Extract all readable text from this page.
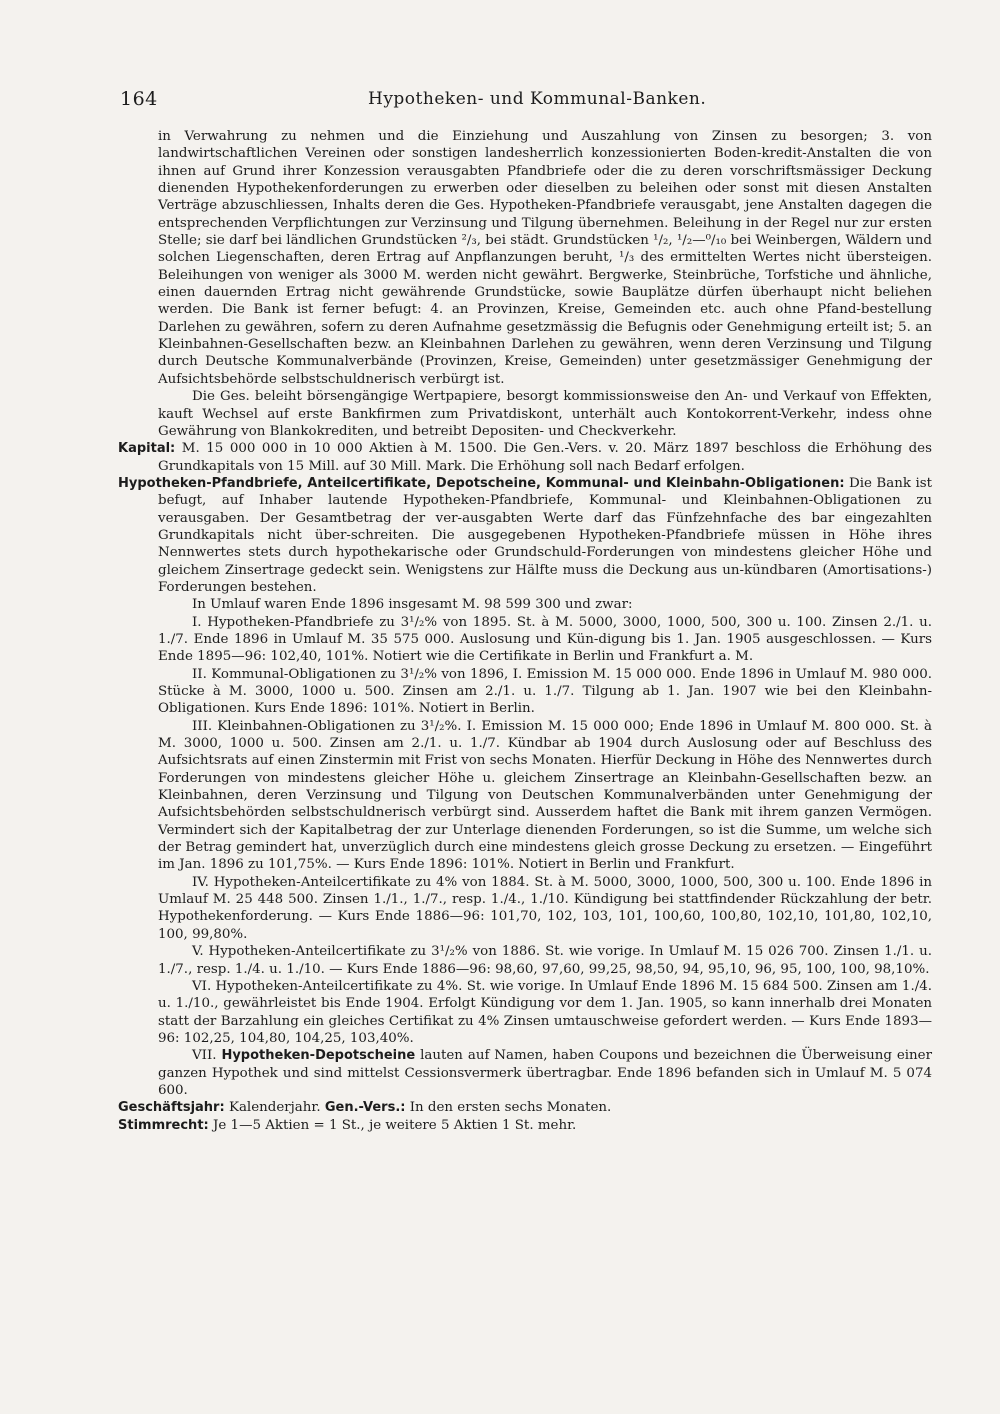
164	Hypotheken- und Kommunal-Banken.

in Verwahrung zu nehmen und die Einziehung und Auszahlung von Zinsen zu besorgen; 3. von landwirtschaftlichen Vereinen oder sonstigen landesherrlich konzessionierten Boden-kredit-Anstalten die von ihnen auf Grund ihrer Konzession verausgabten Pfandbriefe oder die zu deren vorschriftsmässiger Deckung dienenden Hypothekenforderungen zu erwerben oder dieselben zu beleihen oder sonst mit diesen Anstalten Verträge abzuschliessen, Inhalts deren die Ges. Hypotheken-Pfandbriefe verausgabt, jene Anstalten dagegen die entsprechenden Verpflichtungen zur Verzinsung und Tilgung übernehmen. Beleihung in der Regel nur zur ersten Stelle; sie darf bei ländlichen Grundstücken ²/₃, bei städt. Grundstücken ¹/₂, ¹/₂—⁰/₁₀ bei Weinbergen, Wäldern und solchen Liegenschaften, deren Ertrag auf Anpflanzungen beruht, ¹/₃ des ermittelten Wertes nicht übersteigen. Beleihungen von weniger als 3000 M. werden nicht gewährt. Bergwerke, Steinbrüche, Torfstiche und ähnliche, einen dauernden Ertrag nicht gewährende Grundstücke, sowie Bauplätze dürfen überhaupt nicht beliehen werden. Die Bank ist ferner befugt: 4. an Provinzen, Kreise, Gemeinden etc. auch ohne Pfand-bestellung Darlehen zu gewähren, sofern zu deren Aufnahme gesetzmässig die Befugnis oder Genehmigung erteilt ist; 5. an Kleinbahnen-Gesellschaften bezw. an Kleinbahnen Darlehen zu gewähren, wenn deren Verzinsung und Tilgung durch Deutsche Kommunalverbände (Provinzen, Kreise, Gemeinden) unter gesetzmässiger Genehmigung der Aufsichtsbehörde selbstschuldnerisch verbürgt ist.

Die Ges. beleiht börsengängige Wertpapiere, besorgt kommissionsweise den An- und Verkauf von Effekten, kauft Wechsel auf erste Bankfirmen zum Privatdiskont, unterhält auch Kontokorrent-Verkehr, indess ohne Gewährung von Blankokrediten, und betreibt Depositen- und Checkverkehr.

Kapital: M. 15 000 000 in 10 000 Aktien à M. 1500. Die Gen.-Vers. v. 20. März 1897 beschloss die Erhöhung des Grundkapitals von 15 Mill. auf 30 Mill. Mark. Die Erhöhung soll nach Bedarf erfolgen.

Hypotheken-Pfandbriefe, Anteilcertifikate, Depotscheine, Kommunal- und Kleinbahn-Obligationen: Die Bank ist befugt, auf Inhaber lautende Hypotheken-Pfandbriefe, Kommunal- und Kleinbahnen-Obligationen zu verausgaben. Der Gesamtbetrag der ver-ausgabten Werte darf das Fünfzehnfache des bar eingezahlten Grundkapitals nicht über-schreiten. Die ausgegebenen Hypotheken-Pfandbriefe müssen in Höhe ihres Nennwertes stets durch hypothekarische oder Grundschuld-Forderungen von mindestens gleicher Höhe und gleichem Zinsertrage gedeckt sein. Wenigstens zur Hälfte muss die Deckung aus un-kündbaren (Amortisations-) Forderungen bestehen.

In Umlauf waren Ende 1896 insgesamt M. 98 599 300 und zwar:

I. Hypotheken-Pfandbriefe zu 3¹/₂% von 1895. St. à M. 5000, 3000, 1000, 500, 300 u. 100. Zinsen 2./1. u. 1./7. Ende 1896 in Umlauf M. 35 575 000. Auslosung und Kün-digung bis 1. Jan. 1905 ausgeschlossen. — Kurs Ende 1895—96: 102,40, 101%. Notiert wie die Certifikate in Berlin und Frankfurt a. M.

II. Kommunal-Obligationen zu 3¹/₂% von 1896, I. Emission M. 15 000 000. Ende 1896 in Umlauf M. 980 000. Stücke à M. 3000, 1000 u. 500. Zinsen am 2./1. u. 1./7. Tilgung ab 1. Jan. 1907 wie bei den Kleinbahn-Obligationen. Kurs Ende 1896: 101%. Notiert in Berlin.

III. Kleinbahnen-Obligationen zu 3¹/₂%. I. Emission M. 15 000 000; Ende 1896 in Umlauf M. 800 000. St. à M. 3000, 1000 u. 500. Zinsen am 2./1. u. 1./7. Kündbar ab 1904 durch Auslosung oder auf Beschluss des Aufsichtsrats auf einen Zinstermin mit Frist von sechs Monaten. Hierfür Deckung in Höhe des Nennwertes durch Forderungen von mindestens gleicher Höhe u. gleichem Zinsertrage an Kleinbahn-Gesellschaften bezw. an Kleinbahnen, deren Verzinsung und Tilgung von Deutschen Kommunalverbänden unter Genehmigung der Aufsichtsbehörden selbstschuldnerisch verbürgt sind. Ausserdem haftet die Bank mit ihrem ganzen Vermögen. Vermindert sich der Kapitalbetrag der zur Unterlage dienenden Forderungen, so ist die Summe, um welche sich der Betrag gemindert hat, unverzüglich durch eine mindestens gleich grosse Deckung zu ersetzen. — Eingeführt im Jan. 1896 zu 101,75%. — Kurs Ende 1896: 101%. Notiert in Berlin und Frankfurt.

IV. Hypotheken-Anteilcertifikate zu 4% von 1884. St. à M. 5000, 3000, 1000, 500, 300 u. 100. Ende 1896 in Umlauf M. 25 448 500. Zinsen 1./1., 1./7., resp. 1./4., 1./10. Kündigung bei stattfindender Rückzahlung der betr. Hypothekenforderung. — Kurs Ende 1886—96: 101,70, 102, 103, 101, 100,60, 100,80, 102,10, 101,80, 102,10, 100, 99,80%.

V. Hypotheken-Anteilcertifikate zu 3¹/₂% von 1886. St. wie vorige. In Umlauf M. 15 026 700. Zinsen 1./1. u. 1./7., resp. 1./4. u. 1./10. — Kurs Ende 1886—96: 98,60, 97,60, 99,25, 98,50, 94, 95,10, 96, 95, 100, 100, 98,10%.

VI. Hypotheken-Anteilcertifikate zu 4%. St. wie vorige. In Umlauf Ende 1896 M. 15 684 500. Zinsen am 1./4. u. 1./10., gewährleistet bis Ende 1904. Erfolgt Kündigung vor dem 1. Jan. 1905, so kann innerhalb drei Monaten statt der Barzahlung ein gleiches Certifikat zu 4% Zinsen umtauschweise gefordert werden. — Kurs Ende 1893—96: 102,25, 104,80, 104,25, 103,40%.

VII. Hypotheken-Depotscheine lauten auf Namen, haben Coupons und bezeichnen die Überweisung einer ganzen Hypothek und sind mittelst Cessionsvermerk übertragbar. Ende 1896 befanden sich in Umlauf M. 5 074 600.

Geschäftsjahr: Kalenderjahr. Gen.-Vers.: In den ersten sechs Monaten.

Stimmrecht: Je 1—5 Aktien = 1 St., je weitere 5 Aktien 1 St. mehr.
